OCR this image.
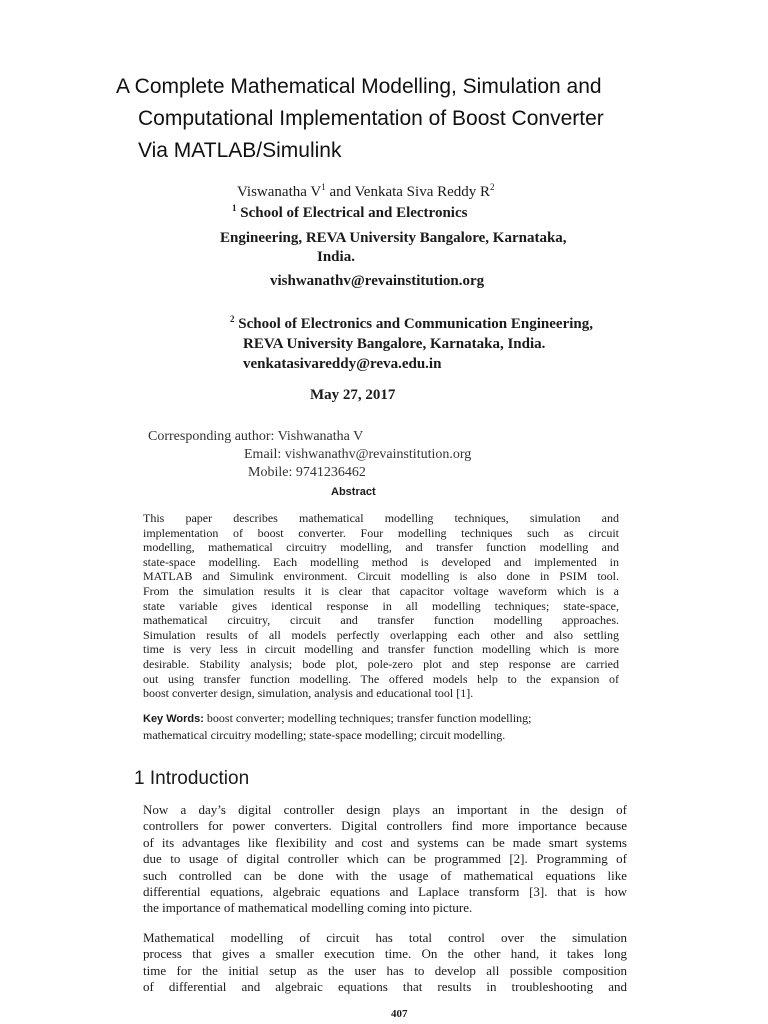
A Complete Mathematical Modelling, Simulation and
Computational Implementation of Boost Converter
Via MATLAB/Simulink
Viswanatha $V^1$ and Venkata Siva Reddy $R^2$
$^1$ School of Electrical and Electronics
Engineering, REVA University Bangalore, Karnataka,
India.
vishwanathv@revainstitution.org
$^2$ School of Electronics and Communication Engineering,
REVA University Bangalore, Karnataka, India.
venkatasivareddy@reva.edu.in
May 27, 2017
Corresponding author: Vishwanatha V
Email: vishwanathv@revainstitution.org
Mobile: 9741236462
Abstract
This paper describes mathematical modelling techniques, simulation and
implementation of boost converter. Four modelling techniques such as circuit
modelling, mathematical circuitry modelling, and transfer function modelling and
state-space modelling. Each modelling method is developed and implemented in
MATLAB and Simulink environment. Circuit modelling is also done in PSIM tool.
From the simulation results it is clear that capacitor voltage waveform which is a
state variable gives identical response in all modelling techniques; state-space,
mathematical circuitry, circuit and transfer function modelling approaches.
Simulation results of all models perfectly overlapping each other and also settling
time is very less in circuit modelling and transfer function modelling which is more
desirable. Stability analysis; bode plot, pole-zero plot and step response are carried
out using transfer function modelling. The offered models help to the expansion of
boost converter design, simulation, analysis and educational tool [1].
Key Words: boost converter; modelling techniques; transfer function modelling;
mathematical circuitry modelling; state-space modelling; circuit modelling.
1 Introduction
Now a day’s digital controller design plays an important in the design of
controllers for power converters. Digital controllers find more importance because
of its advantages like flexibility and cost and systems can be made smart systems
due to usage of digital controller which can be programmed [2]. Programming of
such controlled can be done with the usage of mathematical equations like
differential equations, algebraic equations and Laplace transform [3]. that is how
the importance of mathematical modelling coming into picture.
Mathematical modelling of circuit has total control over the simulation
process that gives a smaller execution time. On the other hand, it takes long
time for the initial setup as the user has to develop all possible composition
of differential and algebraic equations that results in troubleshooting and
407
